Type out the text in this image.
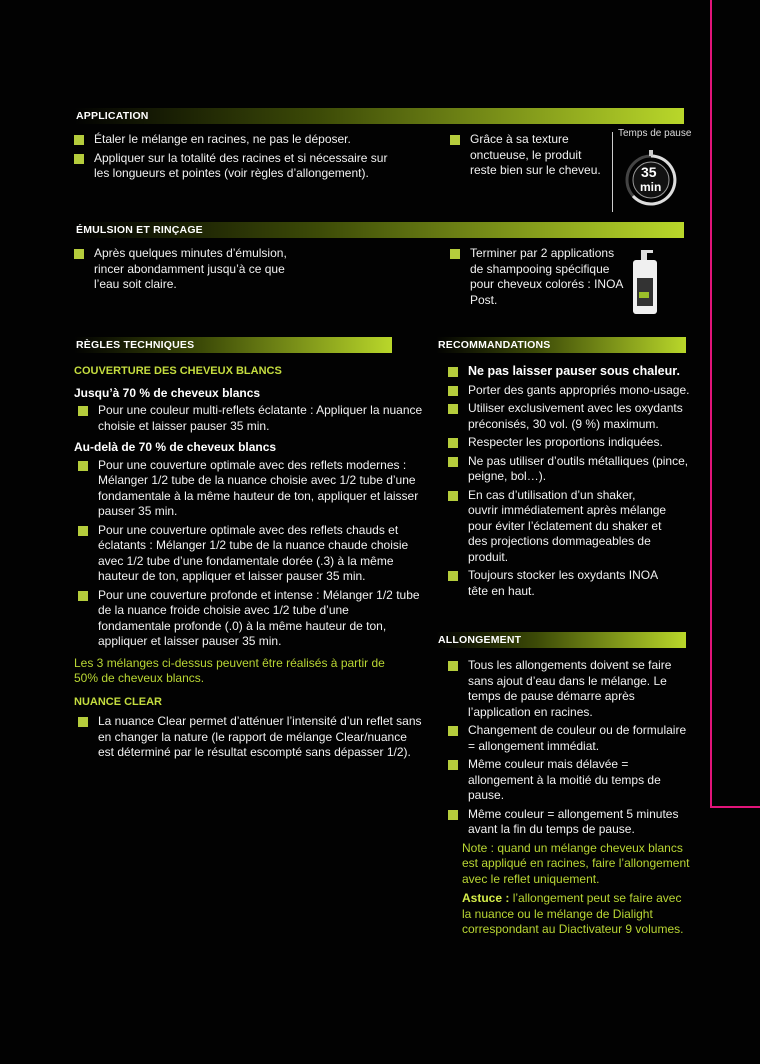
APPLICATION
Étaler le mélange en racines, ne pas le déposer.
Appliquer sur la totalité des racines et si nécessaire sur les longueurs et pointes (voir règles d’allongement).
Grâce à sa texture onctueuse, le produit reste bien sur le cheveu.
Temps de pause
35
min
ÉMULSION ET RINÇAGE
Après quelques minutes d’émulsion, rincer abondamment jusqu’à ce que l’eau soit claire.
Terminer par 2 applications de shampooing spécifique pour cheveux colorés : INOA Post.
RÈGLES TECHNIQUES
COUVERTURE DES CHEVEUX BLANCS
Jusqu’à 70 % de cheveux blancs
Pour une couleur multi-reflets éclatante : Appliquer la nuance choisie et laisser pauser 35 min.
Au-delà de 70 % de cheveux blancs
Pour une couverture optimale avec des reflets modernes : Mélanger 1/2 tube de la nuance choisie avec 1/2 tube d’une fondamentale à la même hauteur de ton, appliquer et laisser pauser 35 min.
Pour une couverture optimale avec des reflets chauds et éclatants : Mélanger 1/2 tube de la nuance chaude choisie avec 1/2 tube d’une fondamentale dorée (.3) à la même hauteur de ton, appliquer et laisser pauser 35 min.
Pour une couverture profonde et intense : Mélanger 1/2 tube de la nuance froide choisie avec 1/2 tube d’une fondamentale profonde (.0) à la même hauteur de ton, appliquer et laisser pauser 35 min.
Les 3 mélanges ci-dessus peuvent être réalisés à partir de 50% de cheveux blancs.
NUANCE CLEAR
La nuance Clear permet d’atténuer l’intensité d’un reflet sans en changer la nature (le rapport de mélange Clear/nuance est déterminé par le résultat escompté sans dépasser 1/2).
RECOMMANDATIONS
Ne pas laisser pauser sous chaleur.
Porter des gants appropriés mono-usage.
Utiliser exclusivement avec les oxydants préconisés, 30 vol. (9 %) maximum.
Respecter les proportions indiquées.
Ne pas utiliser d’outils métalliques (pince, peigne, bol…).
En cas d’utilisation d’un shaker, ouvrir immédiatement après mélange pour éviter l’éclatement du shaker et des projections dommageables de produit.
Toujours stocker les oxydants INOA tête en haut.
ALLONGEMENT
Tous les allongements doivent se faire sans ajout d’eau dans le mélange. Le temps de pause démarre après l’application en racines.
Changement de couleur ou de formulaire = allongement immédiat.
Même couleur mais délavée = allongement à la moitié du temps de pause.
Même couleur = allongement 5 minutes avant la fin du temps de pause.
Note : quand un mélange cheveux blancs est appliqué en racines, faire l’allongement avec le reflet uniquement.
Astuce : l’allongement peut se faire avec la nuance ou le mélange de Dialight correspondant au Diactivateur 9 volumes.
